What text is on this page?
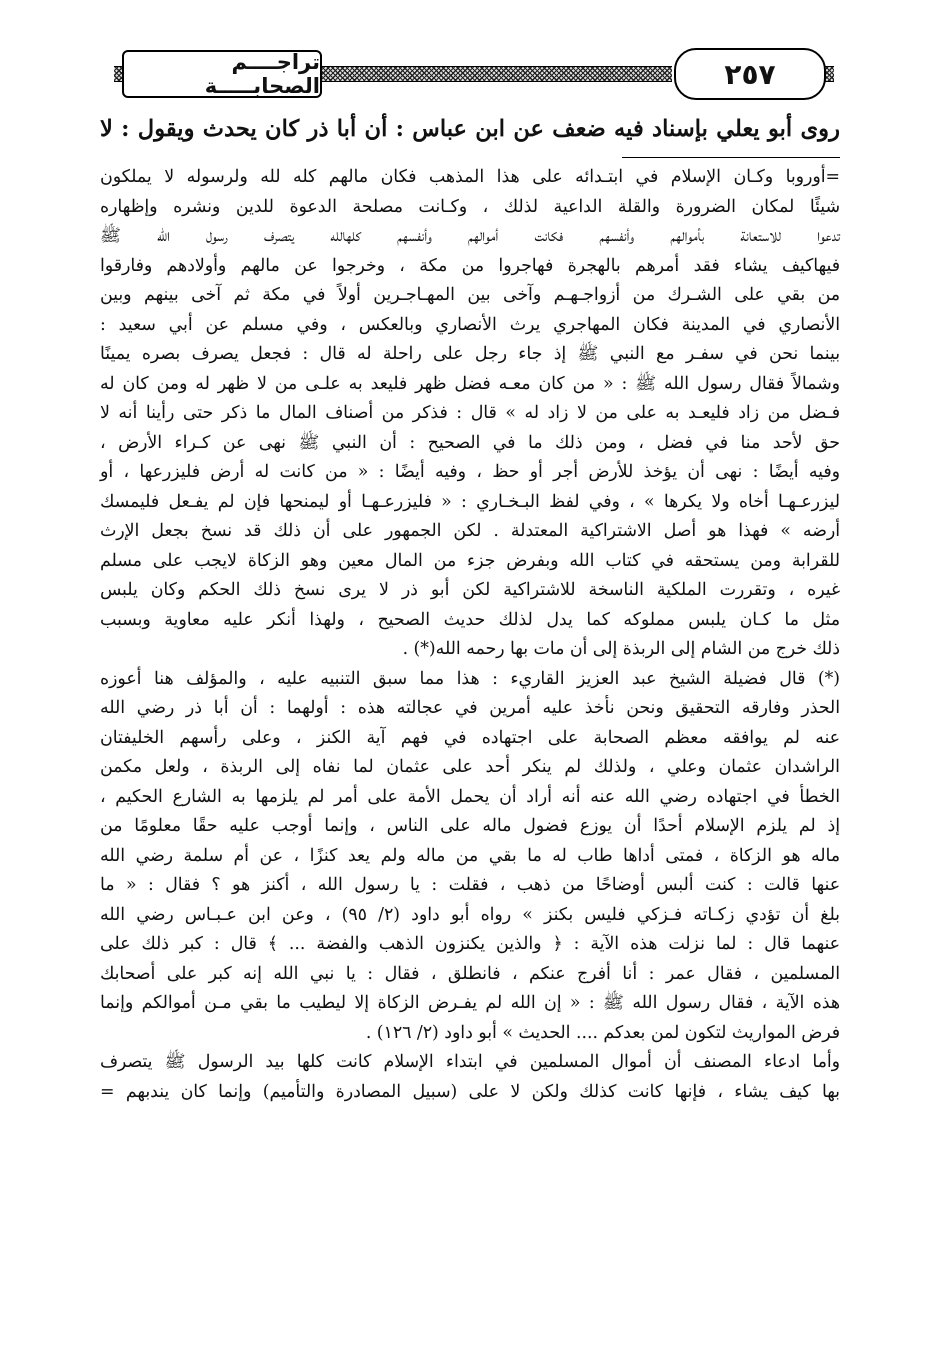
تراجــــم الصحابـــــة	٢٥٧
روى أبو يعلي بإسناد فيه ضعف عن ابن عباس : أن أبا ذر كان يحدث ويقول : لا
=أوروبا وكـان الإسلام في ابتـدائه على هذا المذهب فكان مالهم كله لله ولرسوله لا يملكون
شيئًا لمكان الضرورة والقلة الداعية لذلك ، وكـانت مصلحة الدعوة للدين ونشره وإظهاره
تدعوا للاستعانة بأموالهم وأنفسهم فكانت أموالهم وأنفسهم كلهالله يتصرف رسول الله ﷺ
فيهاكيف يشاء فقد أمرهم بالهجرة فهاجروا من مكة ، وخرجوا عن مالهم وأولادهم وفارقوا
من بقي على الشـرك من أزواجـهـم وآخى بين المهـاجـرين أولاً في مكة ثم آخى بينهم وبين
الأنصاري في المدينة فكان المهاجري يرث الأنصاري وبالعكس ، وفي مسلم عن أبي سعيد :
بينما نحن في سفـر مع النبي ﷺ إذ جاء رجل على راحلة له قال : فجعل يصرف بصره يمينًا
وشمالاً فقال رسول الله ﷺ : « من كان معـه فضل ظهر فليعد به علـى من لا ظهر له ومن كان له
فـضل من زاد فليعـد به على من لا زاد له » قال : فذكر من أصناف المال ما ذكر حتى رأينا أنه لا
حق لأحد منا في فضل ، ومن ذلك ما في الصحيح : أن النبي ﷺ نهى عن كـراء الأرض ،
وفيه أيضًا : نهى أن يؤخذ للأرض أجر أو حظ ، وفيه أيضًا : « من كانت له أرض فليزرعها ، أو
ليزرعـهـا أخاه ولا يكرها » ، وفي لفظ البـخـاري : « فليزرعـهـا أو ليمنحها فإن لم يفـعل فليمسك
أرضه » فهذا هو أصل الاشتراكية المعتدلة . لكن الجمهور على أن ذلك قد نسخ بجعل الإرث
للقرابة ومن يستحقه في كتاب الله وبفرض جزء من المال معين وهو الزكاة لايجب على مسلم
غيره ، وتقررت الملكية الناسخة للاشتراكية لكن أبو ذر لا يرى نسخ ذلك الحكم وكان يلبس
مثل ما كـان يلبس مملوكه كما يدل لذلك حديث الصحيح ، ولهذا أنكر عليه معاوية وبسبب
ذلك خرج من الشام إلى الربذة إلى أن مات بها رحمه الله(*) .
(*) قال فضيلة الشيخ عبد العزيز القاريء : هذا مما سبق التنبيه عليه ، والمؤلف هنا أعوزه
الحذر وفارقه التحقيق ونحن نأخذ عليه أمرين في عجالته هذه : أولهما : أن أبا ذر رضي الله
عنه لم يوافقه معظم الصحابة على اجتهاده في فهم آية الكنز ، وعلى رأسهم الخليفتان
الراشدان عثمان وعلي ، ولذلك لم ينكر أحد على عثمان لما نفاه إلى الربذة ، ولعل مكمن
الخطأ في اجتهاده رضي الله عنه أنه أراد أن يحمل الأمة على أمر لم يلزمها به الشارع الحكيم ،
إذ لم يلزم الإسلام أحدًا أن يوزع فضول ماله على الناس ، وإنما أوجب عليه حقًا معلومًا من
ماله هو الزكاة ، فمتى أداها طاب له ما بقي من ماله ولم يعد كنزًا ، عن أم سلمة رضي الله
عنها قالت : كنت ألبس أوضاحًا من ذهب ، فقلت : يا رسول الله ، أكنز هو ؟ فقال : « ما
بلغ أن تؤدي زكـاته فـزكي فليس بكنز » رواه أبو داود (٢/ ٩٥) ، وعن ابن عـبـاس رضي الله
عنهما قال : لما نزلت هذه الآية : ﴿ والذين يكنزون الذهب والفضة ... ﴾ قال : كبر ذلك على
المسلمين ، فقال عمر : أنا أفرج عنكم ، فانطلق ، فقال : يا نبي الله إنه كبر على أصحابك
هذه الآية ، فقال رسول الله ﷺ : « إن الله لم يفـرض الزكاة إلا ليطيب ما بقي مـن أموالكم وإنما
فرض المواريث لتكون لمن بعدكم .... الحديث » أبو داود (٢/ ١٢٦) .
وأما ادعاء المصنف أن أموال المسلمين في ابتداء الإسلام كانت كلها بيد الرسول ﷺ يتصرف
بها كيف يشاء ، فإنها كانت كذلك ولكن لا على (سبيل المصادرة والتأميم) وإنما كان يندبهم =
